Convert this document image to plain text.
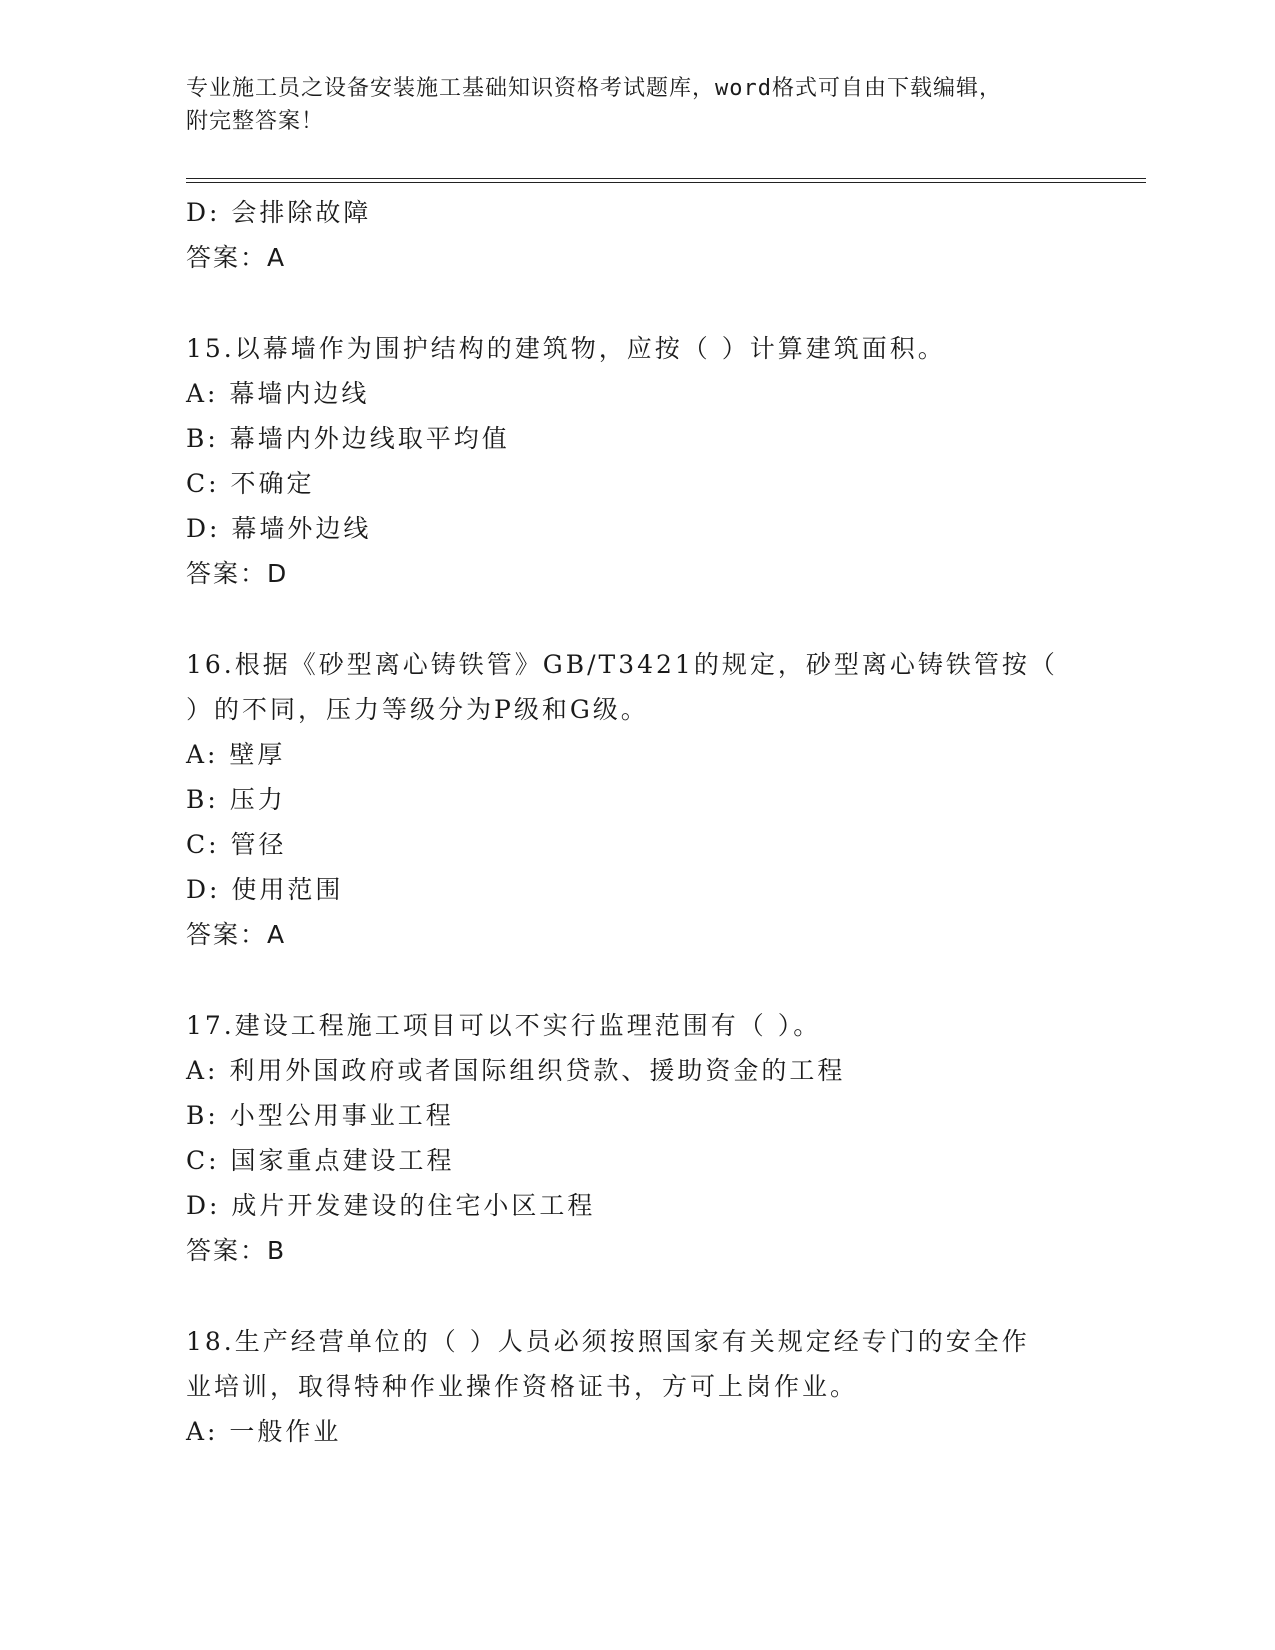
专业施工员之设备安装施工基础知识资格考试题库，word格式可自由下载编辑，
附完整答案！
D: 会排除故障
答案：A
15.以幕墙作为围护结构的建筑物，应按（ ）计算建筑面积。
A: 幕墙内边线
B: 幕墙内外边线取平均值
C: 不确定
D: 幕墙外边线
答案：D
16.根据《砂型离心铸铁管》GB/T3421的规定，砂型离心铸铁管按（
）的不同，压力等级分为P级和G级。
A: 壁厚
B: 压力
C: 管径
D: 使用范围
答案：A
17.建设工程施工项目可以不实行监理范围有（ ）。
A: 利用外国政府或者国际组织贷款、援助资金的工程
B: 小型公用事业工程
C: 国家重点建设工程
D: 成片开发建设的住宅小区工程
答案：B
18.生产经营单位的（ ）人员必须按照国家有关规定经专门的安全作
业培训，取得特种作业操作资格证书，方可上岗作业。
A: 一般作业
